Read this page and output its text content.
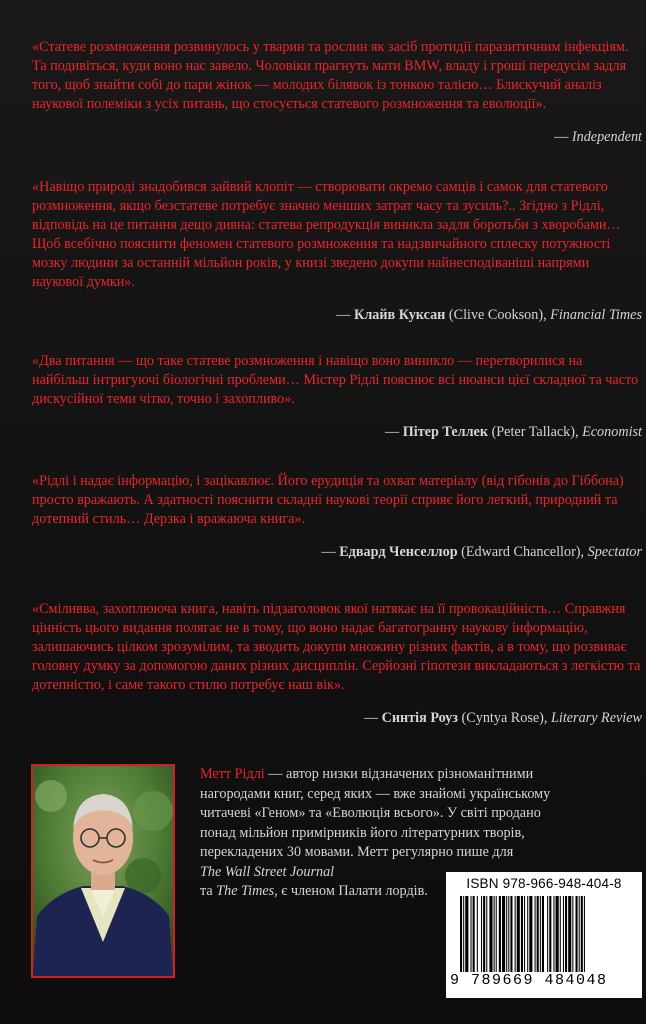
«Статеве розмноження розвинулось у тварин та рослин як засіб протидії паразитичним інфекціям. Та подивіться, куди воно нас завело. Чоловіки прагнуть мати BMW, владу і гроші передусім задля того, щоб знайти собі до пари жінок — молодих білявок із тонкою талією… Блискучий аналіз наукової полеміки з усіх питань, що стосується статевого розмноження та еволюції».

— Independent

«Навіщо природі знадобився зайвий клопіт — створювати окремо самців і самок для статевого розмноження, якщо безстатеве потребує значно менших затрат часу та зусиль?.. Згідно з Рідлі, відповідь на це питання дещо дивна: статева репродукція виникла задля боротьби з хворобами… Щоб всебічно пояснити феномен статевого розмноження та надзвичайного сплеску потужності мозку людини за останній мільйон років, у книзі зведено докупи найнесподіваніші напрями наукової думки».

— Клайв Куксан (Clive Cookson), Financial Times

«Два питання — що таке статеве розмноження і навіщо воно виникло — перетворилися на найбільш інтригуючі біологічні проблеми… Містер Рідлі пояснює всі нюанси цієї складної та часто дискусійної теми чітко, точно і захопливо».

— Пітер Теллек (Peter Tallack), Economist

«Рідлі і надає інформацію, і зацікавлює. Його ерудиція та охват матеріалу (від гібонів до Гіббона) просто вражають. А здатності пояснити складні наукові теорії сприяє його легкий, природний та дотепний стиль… Дерзка і вражаюча книга».

— Едвард Ченселлор (Edward Chancellor), Spectator

«Сміливва, захоплююча книга, навіть підзаголовок якої натякає на її провокаційність… Справжня цінність цього видання полягає не в тому, що воно надає багатогранну наукову інформацію, залишаючись цілком зрозумілим, та зводить докупи множину різних фактів, а в тому, що розвиває головну думку за допомогою даних різних дисциплін. Серйозні гіпотези викладаються з легкістю та дотепністю, і саме такого стилю потребує наш вік».

— Синтія Роуз (Cyntya Rose), Literary Review

Метт Рідлі — автор низки відзначених різноманітними нагородами книг, серед яких — вже знайомі українському читачеві «Геном» та «Еволюція всього». У світі продано понад мільйон примірників його літературних творів, перекладених 30 мовами. Метт регулярно пише для
The Wall Street Journal
та The Times, є членом Палати лордів.	ISBN 978-966-948-404-8
9 789669 484048
